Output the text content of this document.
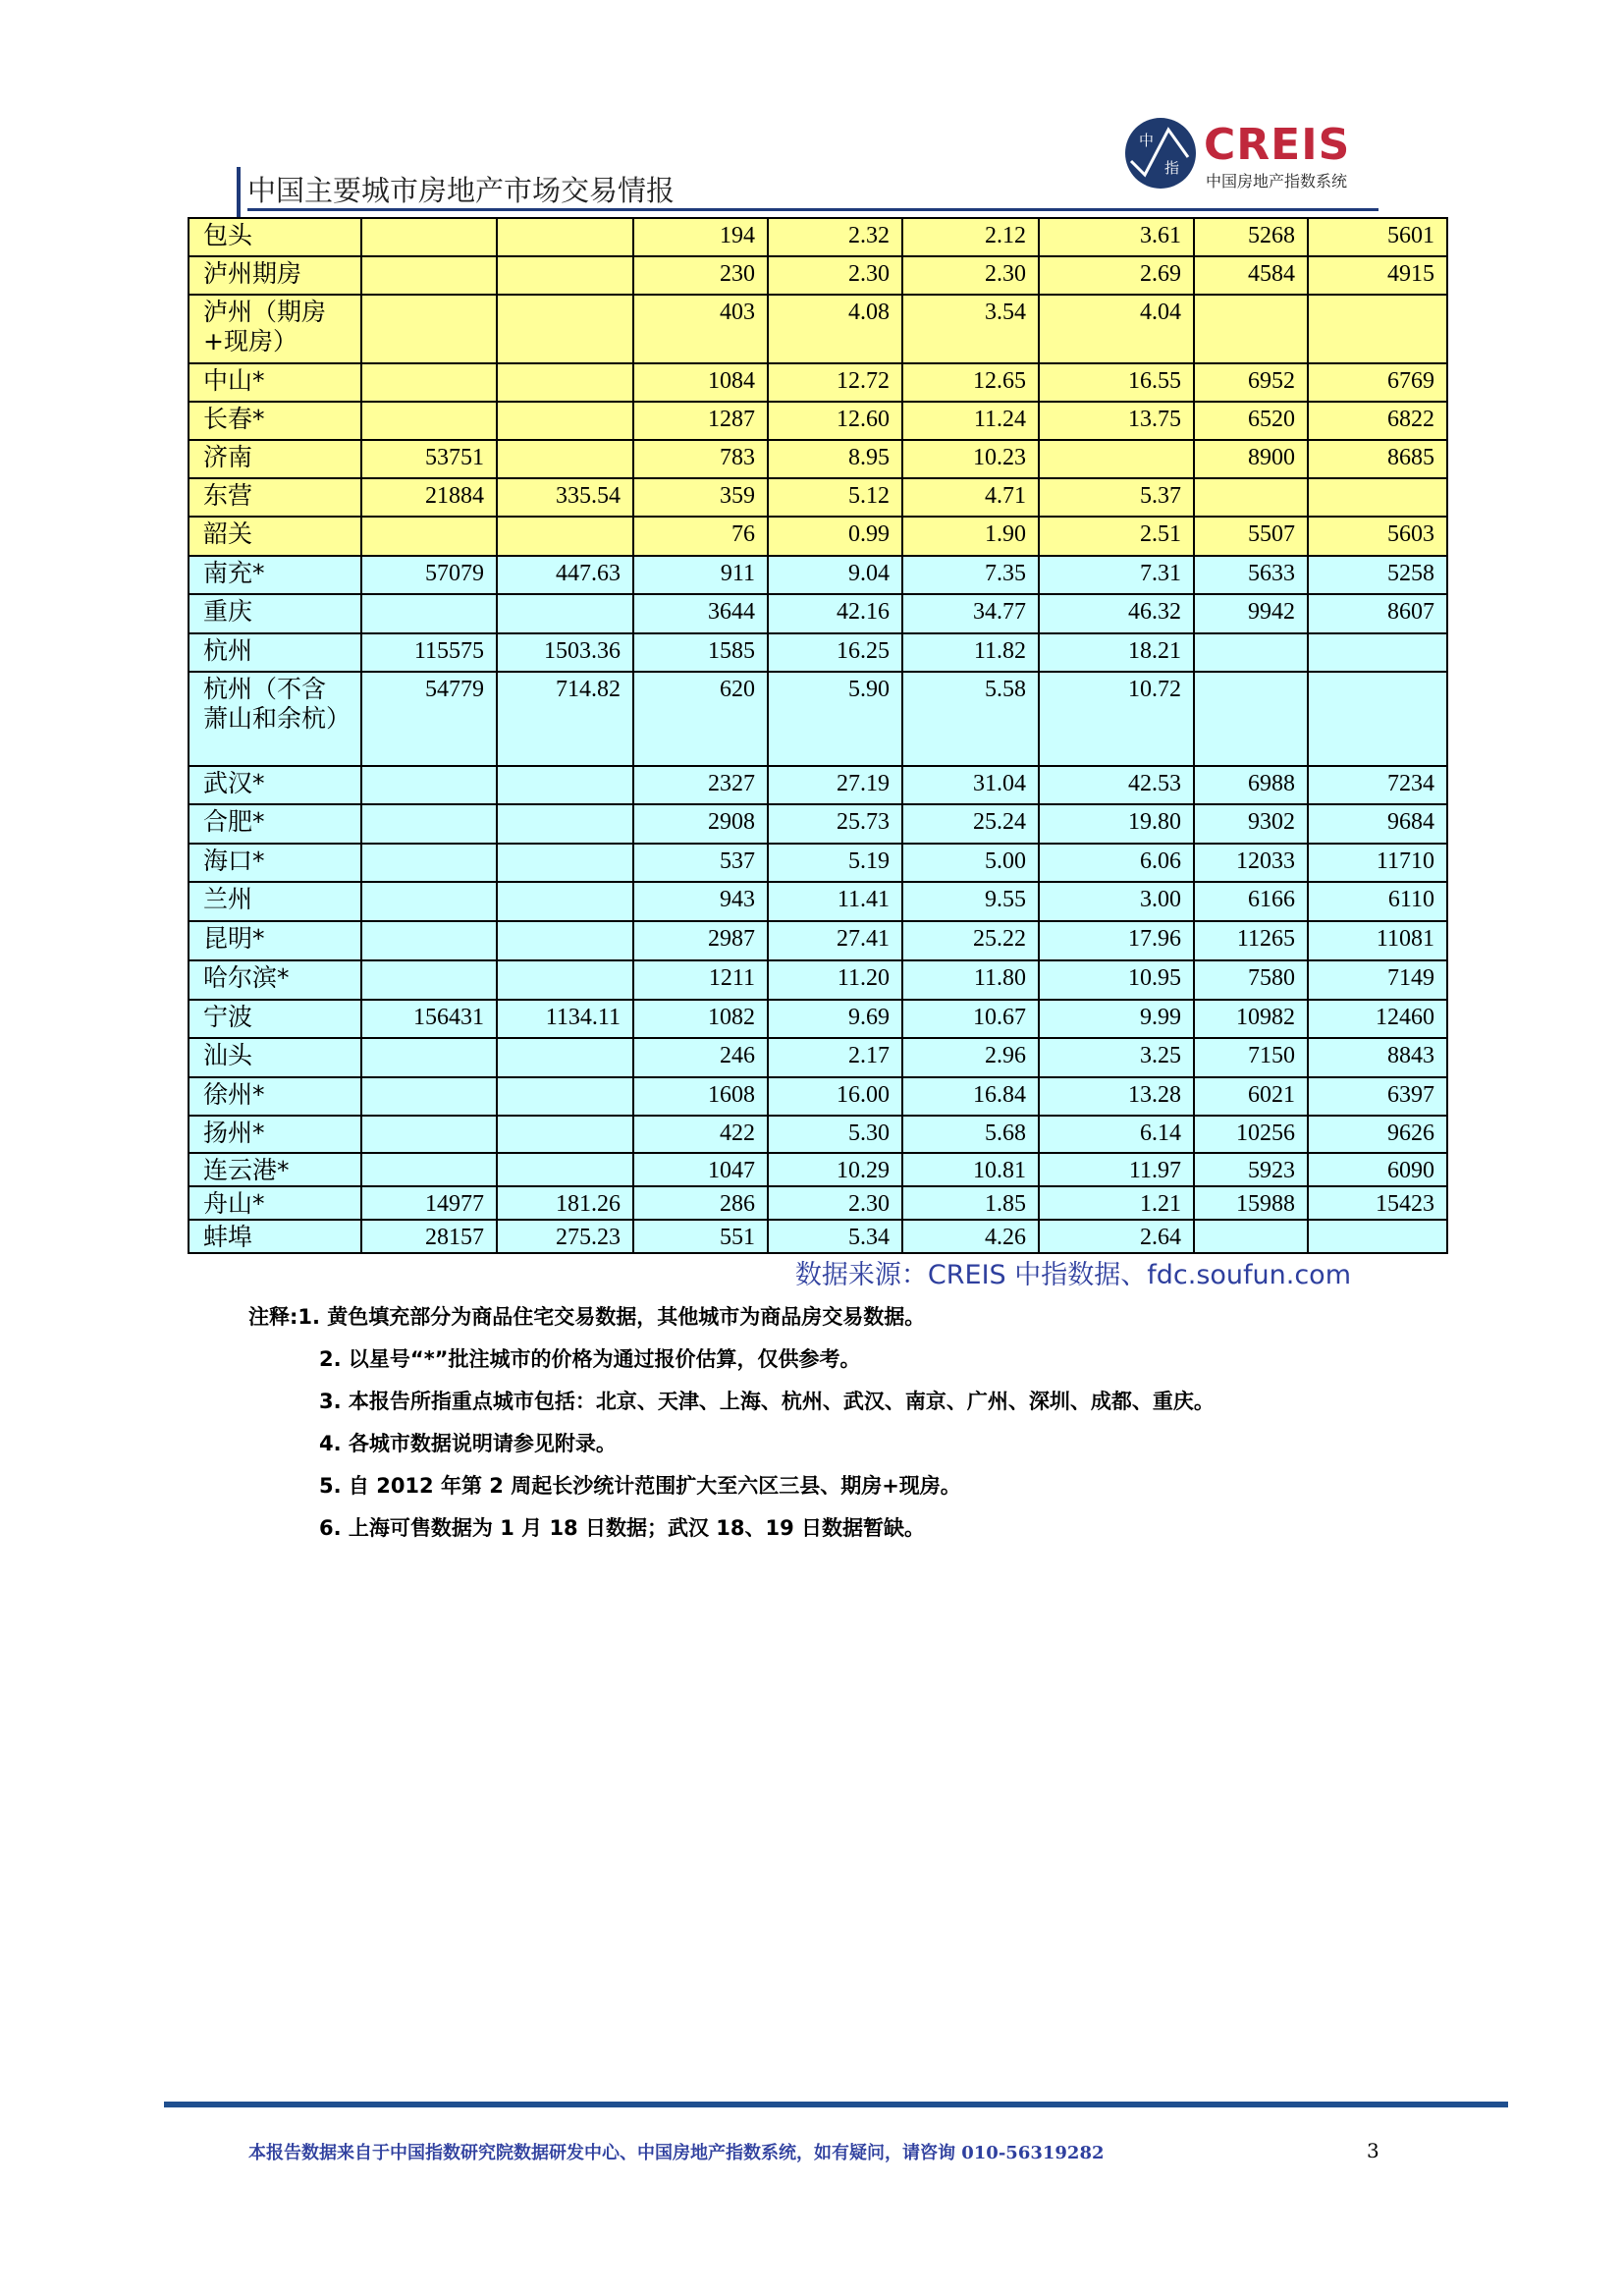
中国主要城市房地产市场交易情报
中
指 CREIS
中国房地产指数系统
包头			194	2.32	2.12	3.61	5268	5601
泸州期房			230	2.30	2.30	2.69	4584	4915
泸州（期房+现房）			403	4.08	3.54	4.04		
中山*			1084	12.72	12.65	16.55	6952	6769
长春*			1287	12.60	11.24	13.75	6520	6822
济南	53751		783	8.95	10.23		8900	8685
东营	21884	335.54	359	5.12	4.71	5.37		
韶关			76	0.99	1.90	2.51	5507	5603
南充*	57079	447.63	911	9.04	7.35	7.31	5633	5258
重庆			3644	42.16	34.77	46.32	9942	8607
杭州	115575	1503.36	1585	16.25	11.82	18.21		
杭州（不含萧山和余杭）	54779	714.82	620	5.90	5.58	10.72		
武汉*			2327	27.19	31.04	42.53	6988	7234
合肥*			2908	25.73	25.24	19.80	9302	9684
海口*			537	5.19	5.00	6.06	12033	11710
兰州			943	11.41	9.55	3.00	6166	6110
昆明*			2987	27.41	25.22	17.96	11265	11081
哈尔滨*			1211	11.20	11.80	10.95	7580	7149
宁波	156431	1134.11	1082	9.69	10.67	9.99	10982	12460
汕头			246	2.17	2.96	3.25	7150	8843
徐州*			1608	16.00	16.84	13.28	6021	6397
扬州*			422	5.30	5.68	6.14	10256	9626
连云港*			1047	10.29	10.81	11.97	5923	6090
舟山*	14977	181.26	286	2.30	1.85	1.21	15988	15423
蚌埠	28157	275.23	551	5.34	4.26	2.64		
数据来源：CREIS 中指数据、fdc.soufun.com
注释:1. 黄色填充部分为商品住宅交易数据，其他城市为商品房交易数据。
2. 以星号“*”批注城市的价格为通过报价估算，仅供参考。
3. 本报告所指重点城市包括：北京、天津、上海、杭州、武汉、南京、广州、深圳、成都、重庆。
4. 各城市数据说明请参见附录。
5. 自 2012 年第 2 周起长沙统计范围扩大至六区三县、期房+现房。
6. 上海可售数据为 1 月 18 日数据；武汉 18、19 日数据暂缺。
本报告数据来自于中国指数研究院数据研发中心、中国房地产指数系统，如有疑问，请咨询 010-56319282	3
